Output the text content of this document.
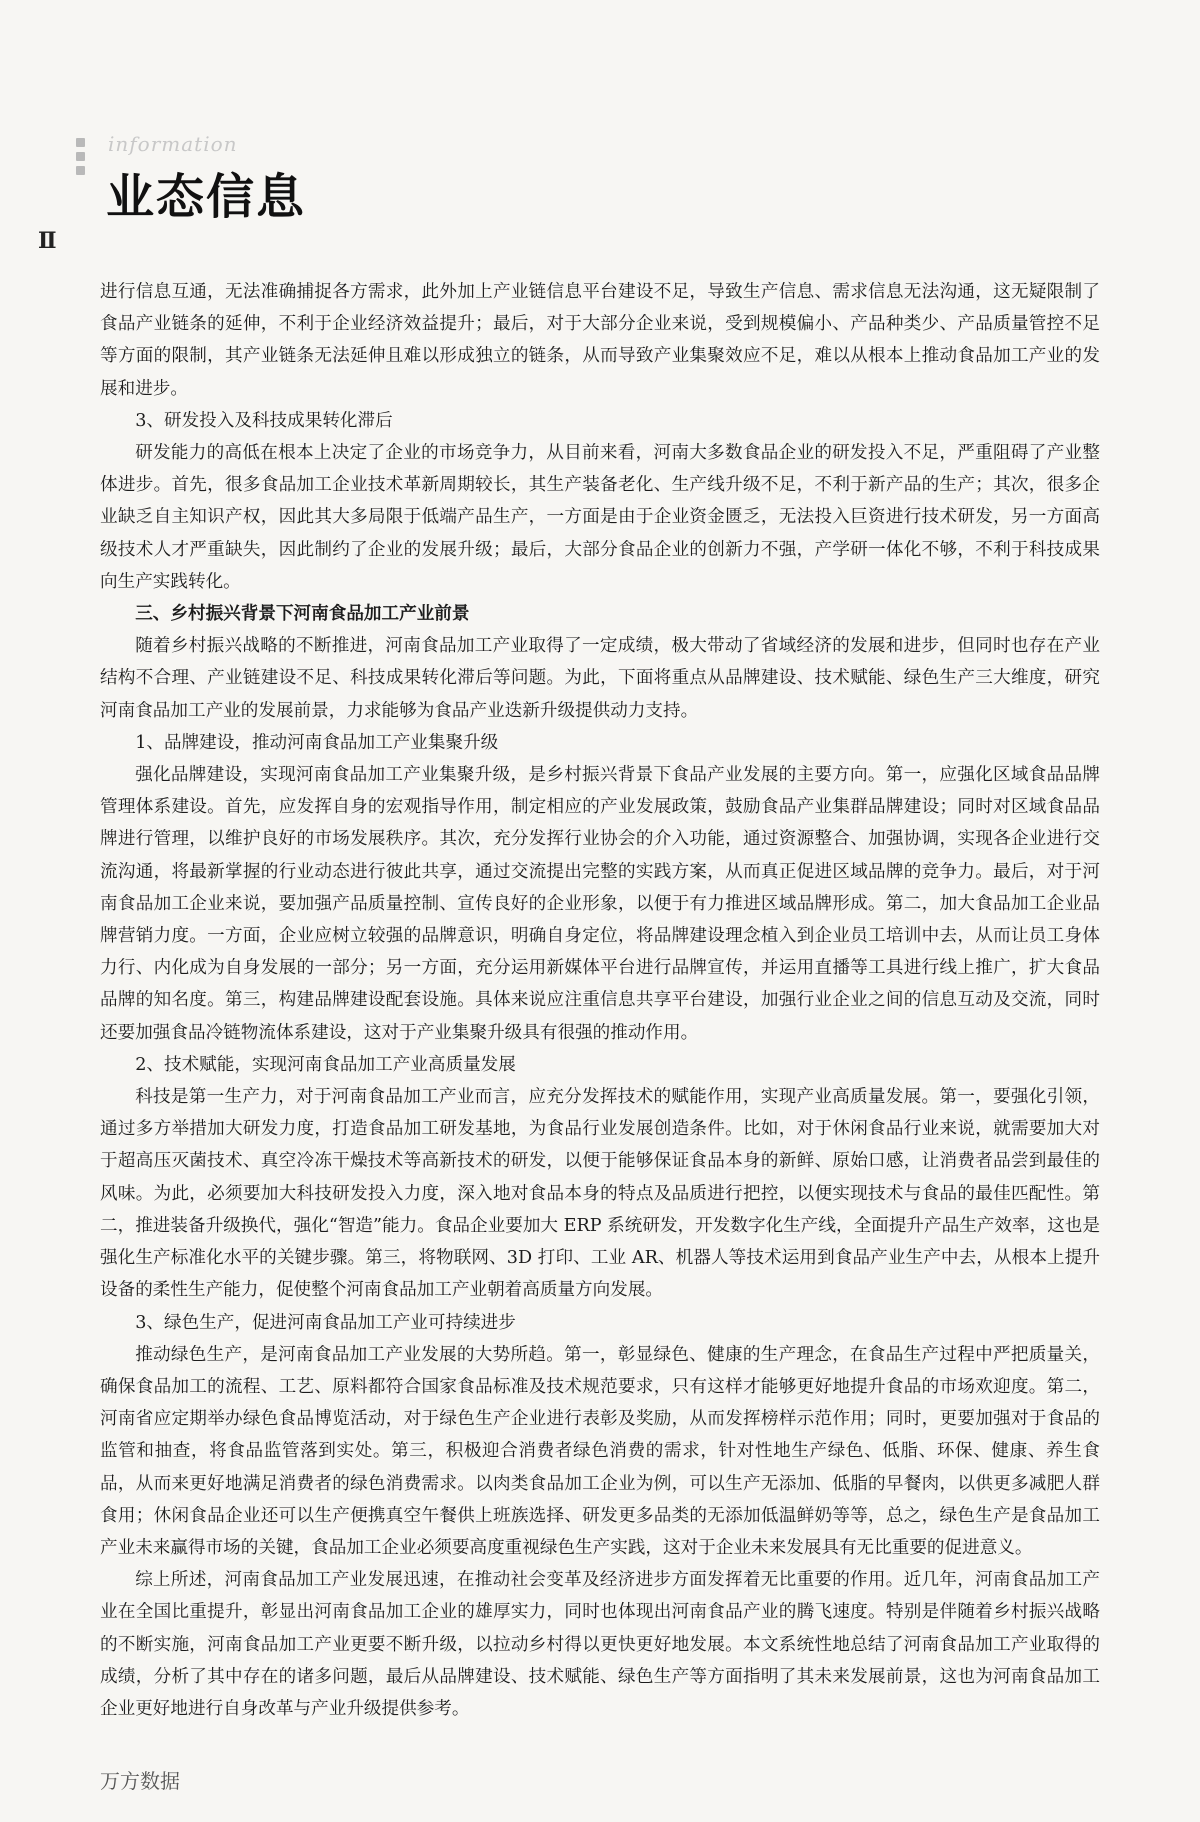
information
业态信息
Ⅱ

进行信息互通，无法准确捕捉各方需求，此外加上产业链信息平台建设不足，导致生产信息、需求信息无法沟通，这无疑限制了食品产业链条的延伸，不利于企业经济效益提升；最后，对于大部分企业来说，受到规模偏小、产品种类少、产品质量管控不足等方面的限制，其产业链条无法延伸且难以形成独立的链条，从而导致产业集聚效应不足，难以从根本上推动食品加工产业的发展和进步。

3、研发投入及科技成果转化滞后

研发能力的高低在根本上决定了企业的市场竞争力，从目前来看，河南大多数食品企业的研发投入不足，严重阻碍了产业整体进步。首先，很多食品加工企业技术革新周期较长，其生产装备老化、生产线升级不足，不利于新产品的生产；其次，很多企业缺乏自主知识产权，因此其大多局限于低端产品生产，一方面是由于企业资金匮乏，无法投入巨资进行技术研发，另一方面高级技术人才严重缺失，因此制约了企业的发展升级；最后，大部分食品企业的创新力不强，产学研一体化不够，不利于科技成果向生产实践转化。

三、乡村振兴背景下河南食品加工产业前景

随着乡村振兴战略的不断推进，河南食品加工产业取得了一定成绩，极大带动了省域经济的发展和进步，但同时也存在产业结构不合理、产业链建设不足、科技成果转化滞后等问题。为此，下面将重点从品牌建设、技术赋能、绿色生产三大维度，研究河南食品加工产业的发展前景，力求能够为食品产业迭新升级提供动力支持。

1、品牌建设，推动河南食品加工产业集聚升级

强化品牌建设，实现河南食品加工产业集聚升级，是乡村振兴背景下食品产业发展的主要方向。第一，应强化区域食品品牌管理体系建设。首先，应发挥自身的宏观指导作用，制定相应的产业发展政策，鼓励食品产业集群品牌建设；同时对区域食品品牌进行管理，以维护良好的市场发展秩序。其次，充分发挥行业协会的介入功能，通过资源整合、加强协调，实现各企业进行交流沟通，将最新掌握的行业动态进行彼此共享，通过交流提出完整的实践方案，从而真正促进区域品牌的竞争力。最后，对于河南食品加工企业来说，要加强产品质量控制、宣传良好的企业形象，以便于有力推进区域品牌形成。第二，加大食品加工企业品牌营销力度。一方面，企业应树立较强的品牌意识，明确自身定位，将品牌建设理念植入到企业员工培训中去，从而让员工身体力行、内化成为自身发展的一部分；另一方面，充分运用新媒体平台进行品牌宣传，并运用直播等工具进行线上推广，扩大食品品牌的知名度。第三，构建品牌建设配套设施。具体来说应注重信息共享平台建设，加强行业企业之间的信息互动及交流，同时还要加强食品冷链物流体系建设，这对于产业集聚升级具有很强的推动作用。

2、技术赋能，实现河南食品加工产业高质量发展

科技是第一生产力，对于河南食品加工产业而言，应充分发挥技术的赋能作用，实现产业高质量发展。第一，要强化引领，通过多方举措加大研发力度，打造食品加工研发基地，为食品行业发展创造条件。比如，对于休闲食品行业来说，就需要加大对于超高压灭菌技术、真空冷冻干燥技术等高新技术的研发，以便于能够保证食品本身的新鲜、原始口感，让消费者品尝到最佳的风味。为此，必须要加大科技研发投入力度，深入地对食品本身的特点及品质进行把控，以便实现技术与食品的最佳匹配性。第二，推进装备升级换代，强化“智造”能力。食品企业要加大 ERP 系统研发，开发数字化生产线，全面提升产品生产效率，这也是强化生产标准化水平的关键步骤。第三，将物联网、3D 打印、工业 AR、机器人等技术运用到食品产业生产中去，从根本上提升设备的柔性生产能力，促使整个河南食品加工产业朝着高质量方向发展。

3、绿色生产，促进河南食品加工产业可持续进步

推动绿色生产，是河南食品加工产业发展的大势所趋。第一，彰显绿色、健康的生产理念，在食品生产过程中严把质量关，确保食品加工的流程、工艺、原料都符合国家食品标准及技术规范要求，只有这样才能够更好地提升食品的市场欢迎度。第二，河南省应定期举办绿色食品博览活动，对于绿色生产企业进行表彰及奖励，从而发挥榜样示范作用；同时，更要加强对于食品的监管和抽查，将食品监管落到实处。第三，积极迎合消费者绿色消费的需求，针对性地生产绿色、低脂、环保、健康、养生食品，从而来更好地满足消费者的绿色消费需求。以肉类食品加工企业为例，可以生产无添加、低脂的早餐肉，以供更多减肥人群食用；休闲食品企业还可以生产便携真空午餐供上班族选择、研发更多品类的无添加低温鲜奶等等，总之，绿色生产是食品加工产业未来赢得市场的关键，食品加工企业必须要高度重视绿色生产实践，这对于企业未来发展具有无比重要的促进意义。

综上所述，河南食品加工产业发展迅速，在推动社会变革及经济进步方面发挥着无比重要的作用。近几年，河南食品加工产业在全国比重提升，彰显出河南食品加工企业的雄厚实力，同时也体现出河南食品产业的腾飞速度。特别是伴随着乡村振兴战略的不断实施，河南食品加工产业更要不断升级，以拉动乡村得以更快更好地发展。本文系统性地总结了河南食品加工产业取得的成绩，分析了其中存在的诸多问题，最后从品牌建设、技术赋能、绿色生产等方面指明了其未来发展前景，这也为河南食品加工企业更好地进行自身改革与产业升级提供参考。

万方数据
